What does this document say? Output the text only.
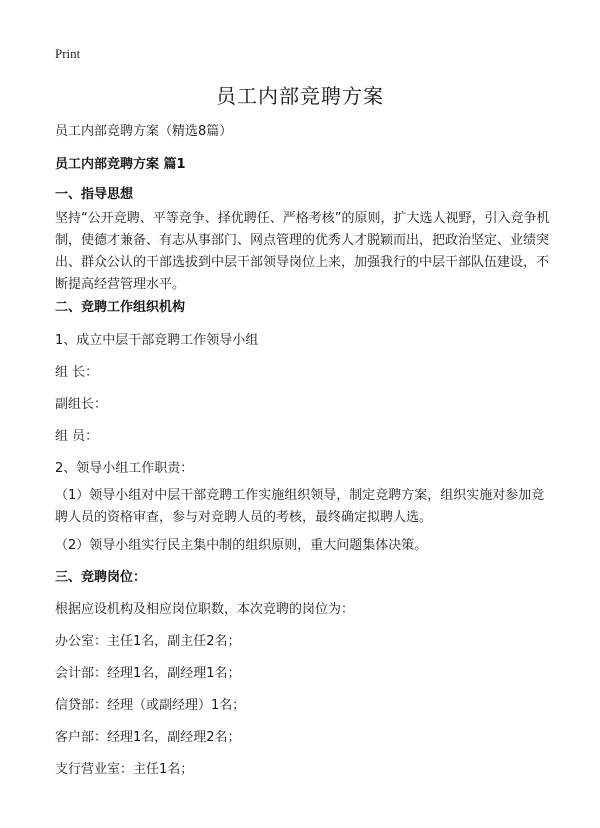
Print
员工内部竞聘方案
员工内部竞聘方案（精选8篇）
员工内部竞聘方案 篇1
一、指导思想
坚持“公开竞聘、平等竞争、择优聘任、严格考核”的原则，扩大选人视野，引入竞争机制，使德才兼备、有志从事部门、网点管理的优秀人才脱颖而出，把政治坚定、业绩突出、群众公认的干部选拔到中层干部领导岗位上来，加强我行的中层干部队伍建设，不断提高经营管理水平。
二、竞聘工作组织机构
1、成立中层干部竞聘工作领导小组
组 长：
副组长：
组 员：
2、领导小组工作职责：
（1）领导小组对中层干部竞聘工作实施组织领导，制定竞聘方案，组织实施对参加竞聘人员的资格审查，参与对竞聘人员的考核，最终确定拟聘人选。
（2）领导小组实行民主集中制的组织原则，重大问题集体决策。
三、竞聘岗位：
根据应设机构及相应岗位职数，本次竞聘的岗位为：
办公室：主任1名，副主任2名；
会计部：经理1名，副经理1名；
信贷部：经理（或副经理）1名；
客户部：经理1名，副经理2名；
支行营业室：主任1名；
